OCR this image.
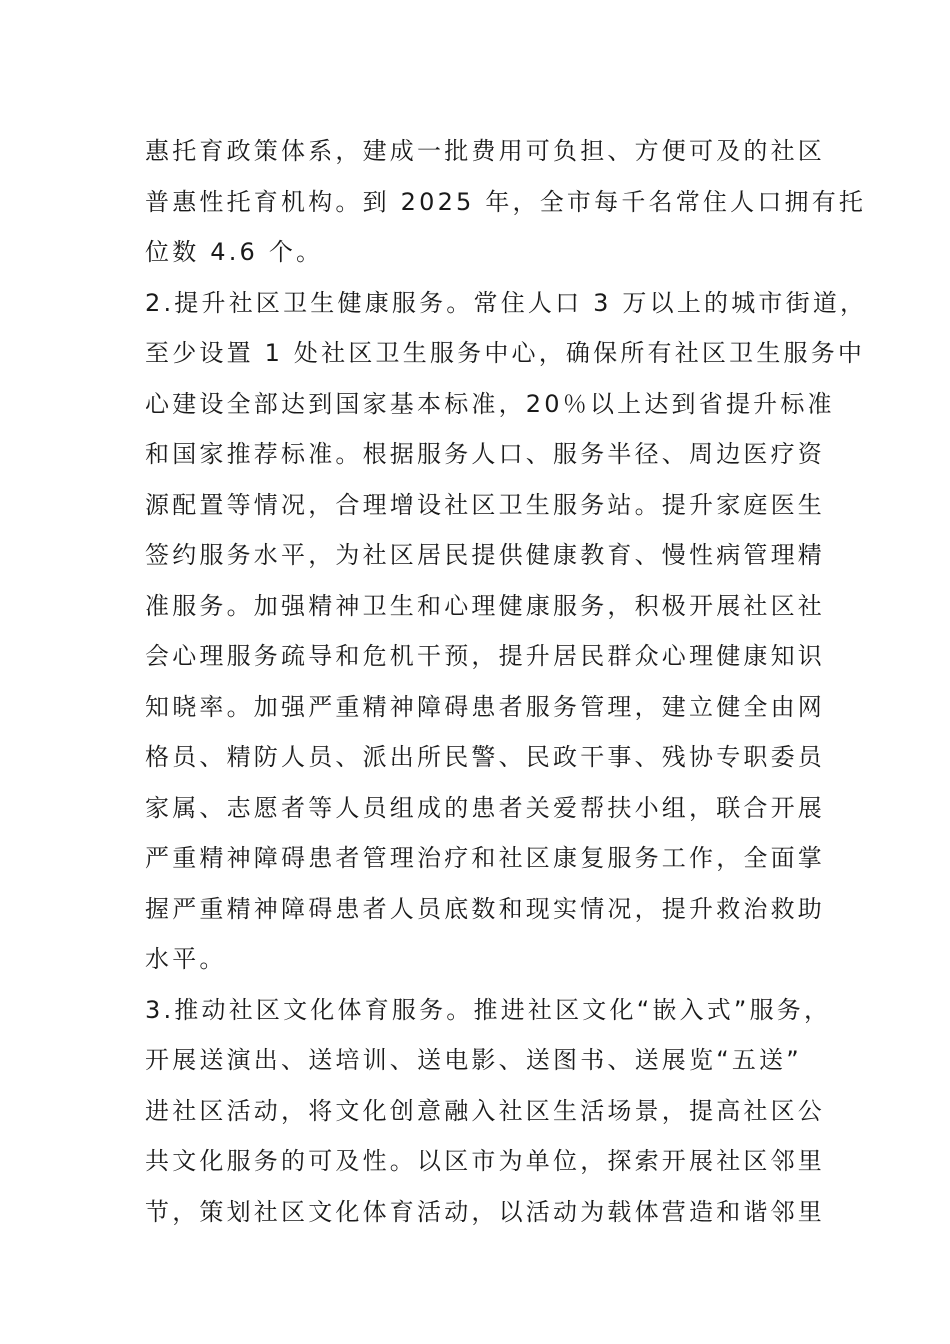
惠托育政策体系，建成一批费用可负担、方便可及的社区
普惠性托育机构。到 2025 年，全市每千名常住人口拥有托
位数 4.6 个。
2.提升社区卫生健康服务。常住人口 3 万以上的城市街道，
至少设置 1 处社区卫生服务中心，确保所有社区卫生服务中
心建设全部达到国家基本标准，20％以上达到省提升标准
和国家推荐标准。根据服务人口、服务半径、周边医疗资
源配置等情况，合理增设社区卫生服务站。提升家庭医生
签约服务水平，为社区居民提供健康教育、慢性病管理精
准服务。加强精神卫生和心理健康服务，积极开展社区社
会心理服务疏导和危机干预，提升居民群众心理健康知识
知晓率。加强严重精神障碍患者服务管理，建立健全由网
格员、精防人员、派出所民警、民政干事、残协专职委员
家属、志愿者等人员组成的患者关爱帮扶小组，联合开展
严重精神障碍患者管理治疗和社区康复服务工作，全面掌
握严重精神障碍患者人员底数和现实情况，提升救治救助
水平。
3.推动社区文化体育服务。推进社区文化“嵌入式”服务，
开展送演出、送培训、送电影、送图书、送展览“五送”
进社区活动，将文化创意融入社区生活场景，提高社区公
共文化服务的可及性。以区市为单位，探索开展社区邻里
节，策划社区文化体育活动，以活动为载体营造和谐邻里
